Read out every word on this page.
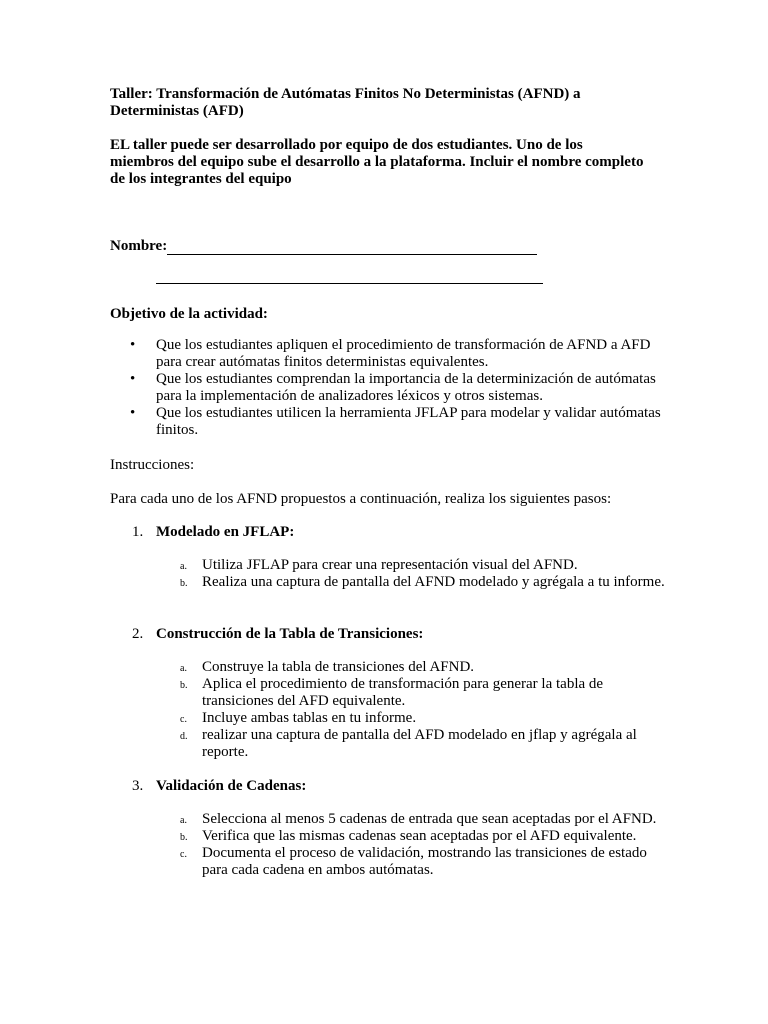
Taller: Transformación de Autómatas Finitos No Deterministas (AFND) a Deterministas (AFD)

EL taller puede ser desarrollado por equipo de dos estudiantes. Uno de los miembros del equipo sube el desarrollo a la plataforma. Incluir el nombre completo de los integrantes del equipo

Nombre:
Objetivo de la actividad:
• Que los estudiantes apliquen el procedimiento de transformación de AFND a AFD para crear autómatas finitos deterministas equivalentes.
• Que los estudiantes comprendan la importancia de la determinización de autómatas para la implementación de analizadores léxicos y otros sistemas.
• Que los estudiantes utilicen la herramienta JFLAP para modelar y validar autómatas finitos.
Instrucciones:
Para cada uno de los AFND propuestos a continuación, realiza los siguientes pasos:
1. Modelado en JFLAP:
a. Utiliza JFLAP para crear una representación visual del AFND.
b. Realiza una captura de pantalla del AFND modelado y agrégala a tu informe.
2. Construcción de la Tabla de Transiciones:
a. Construye la tabla de transiciones del AFND.
b. Aplica el procedimiento de transformación para generar la tabla de transiciones del AFD equivalente.
c. Incluye ambas tablas en tu informe.
d. realizar una captura de pantalla del AFD modelado en jflap y agrégala al reporte.
3. Validación de Cadenas:
a. Selecciona al menos 5 cadenas de entrada que sean aceptadas por el AFND.
b. Verifica que las mismas cadenas sean aceptadas por el AFD equivalente.
c. Documenta el proceso de validación, mostrando las transiciones de estado para cada cadena en ambos autómatas.
